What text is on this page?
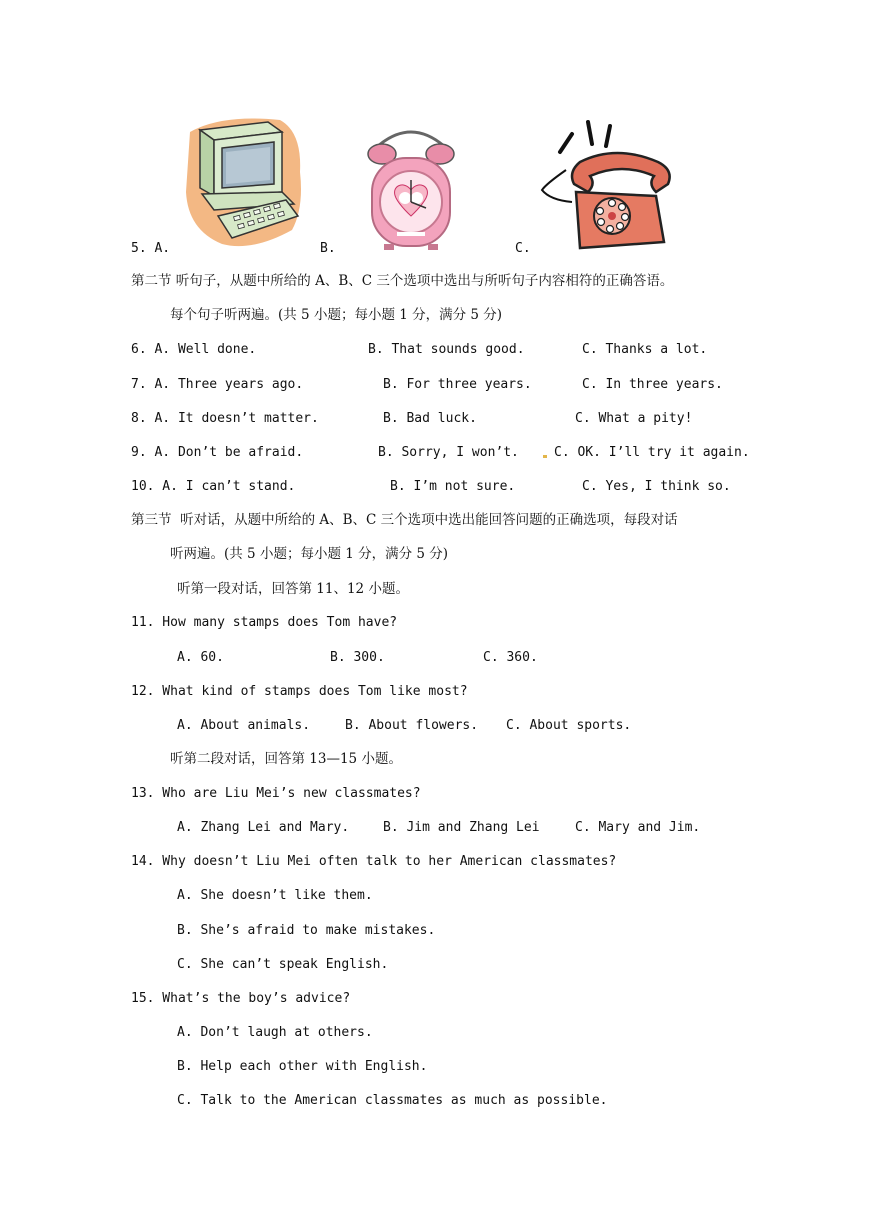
5. A.	B.	C.
第二节 听句子，从题中所给的 A、B、C 三个选项中选出与所听句子内容相符的正确答语。
每个句子听两遍。(共 5 小题；每小题 1 分，满分 5 分)
6. A. Well done.	B. That sounds good.	C. Thanks a lot.
7. A. Three years ago.	B. For three years.	C. In three years.
8. A. It doesn’t matter.	B. Bad luck.	C. What a pity!
9. A. Don’t be afraid.	B. Sorry, I won’t.	C. OK. I’ll try it again.
10. A. I can’t stand.	B. I’m not sure.	C. Yes, I think so.
第三节  听对话，从题中所给的 A、B、C 三个选项中选出能回答问题的正确选项，每段对话
听两遍。(共 5 小题；每小题 1 分，满分 5 分)
听第一段对话，回答第 11、12 小题。
11. How many stamps does Tom have?
A. 60.	B. 300.	C. 360.
12. What kind of stamps does Tom like most?
A. About animals.	B. About flowers. C. About sports.
听第二段对话，回答第 13—15 小题。
13. Who are Liu Mei’s new classmates?
A. Zhang Lei and Mary.	B. Jim and Zhang Lei	C. Mary and Jim.
14. Why doesn’t Liu Mei often talk to her American classmates?
A. She doesn’t like them.
B. She’s afraid to make mistakes.
C. She can’t speak English.
15. What’s the boy’s advice?
A. Don’t laugh at others.
B. Help each other with English.
C. Talk to the American classmates as much as possible.
